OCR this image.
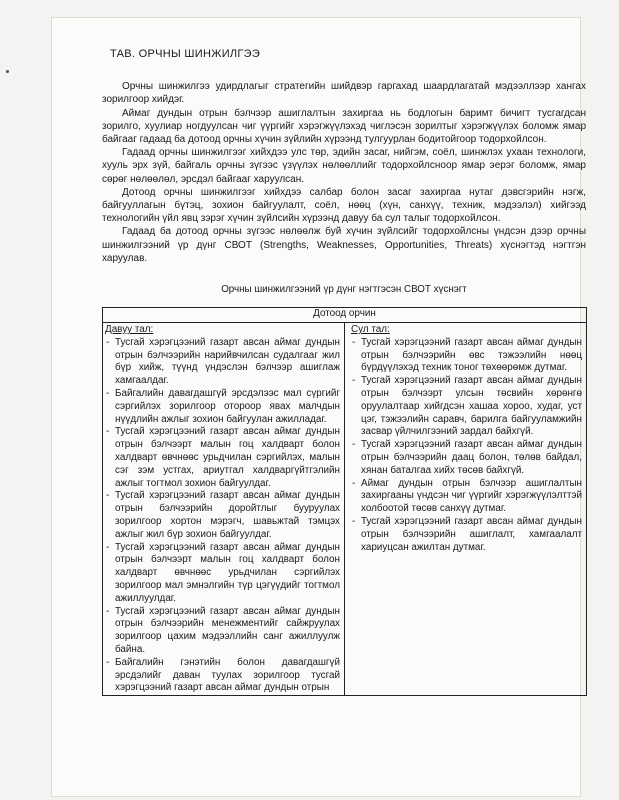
ТАВ. ОРЧНЫ ШИНЖИЛГЭЭ

Орчны шинжилгээ удирдлагыг стратегийн шийдвэр гаргахад шаардлагатай мэдээллээр хангах зорилгоор хийдэг.

Аймаг дундын отрын бэлчээр ашиглалтын захиргаа нь бодлогын баримт бичигт тусгагдсан зорилго, хуулиар ногдуулсан чиг үүргийг хэрэгжүүлэхэд чиглэсэн зорилтыг хэрэгжүүлэх боломж ямар байгааг гадаад ба дотоод орчны хүчин зүйлийн хүрээнд тулгуурлан бодитойгоор тодорхойлсон.

Гадаад орчны шинжилгээг хийхдээ улс төр, эдийн засаг, нийгэм, соёл, шинжлэх ухаан технологи, хууль эрх зүй, байгаль орчны зүгээс үзүүлэх нөлөөллийг тодорхойлсноор ямар эерэг боломж, ямар сөрөг нөлөөлөл, эрсдэл байгааг харуулсан.

Дотоод орчны шинжилгээг хийхдээ салбар болон засаг захиргаа нутаг дэвсгэрийн нэгж, байгууллагын бүтэц, зохион байгуулалт, соёл, нөөц (хүн, санхүү, техник, мэдээлэл) хийгээд технологийн үйл явц зэрэг хүчин зүйлсийн хүрээнд давуу ба сул талыг тодорхойлсон.

Гадаад ба дотоод орчны зүгээс нөлөөлж буй хүчин зүйлсийг тодорхойлсны үндсэн дээр орчны шинжилгээний үр дүнг СВОТ (Strengths, Weaknesses, Opportunities, Threats) хүснэгтэд нэгтгэн харуулав.

Орчны шинжилгээний үр дүнг нэгтгэсэн СВОТ хүснэгт
Дотоод орчин

Давуу тал:
- Тусгай хэрэгцээний газарт авсан аймаг дундын отрын бэлчээрийн нарийвчилсан судалгааг жил бүр хийж, түүнд үндэслэн бэлчээр ашиглаж хамгаалдаг.
- Байгалийн давагдашгүй эрсдэлээс мал сүргийг сэргийлэх зорилгоор отороор явах малчдын нүүдлийн ажлыг зохион байгуулан ажилладаг.
- Тусгай хэрэгцээний газарт авсан аймаг дундын отрын бэлчээрт малын гоц халдварт болон халдварт өвчнөөс урьдчилан сэргийлэх, малын сэг зэм устгах, ариутгал халдваргүйтгэлийн ажлыг тогтмол зохион байгуулдаг.
- Тусгай хэрэгцээний газарт авсан аймаг дундын отрын бэлчээрийн доройтлыг бууруулах зорилгоор хортон мэрэгч, шавьжтай тэмцэх ажлыг жил бүр зохион байгуулдаг.
- Тусгай хэрэгцээний газарт авсан аймаг дундын отрын бэлчээрт малын гоц халдварт болон халдварт өвчнөөс урьдчилан сэргийлэх зорилгоор мал эмнэлгийн түр цэгүүдийг тогтмол ажиллуулдаг.
- Тусгай хэрэгцээний газарт авсан аймаг дундын отрын бэлчээрийн менежментийг сайжруулах зорилгоор цахим мэдээллийн санг ажиллуулж байна.
- Байгалийн гэнэтийн болон давагдашгүй эрсдэлийг даван туулах зорилгоор тусгай хэрэгцээний газарт авсан аймаг дундын отрын

Сул тал:
- Тусгай хэрэгцээний газарт авсан аймаг дундын отрын бэлчээрийн өвс тэжээлийн нөөц бүрдүүлэхэд техник тоног төхөөрөмж дутмаг.
- Тусгай хэрэгцээний газарт авсан аймаг дундын отрын бэлчээрт улсын төсвийн хөрөнгө оруулалтаар хийгдсэн хашаа хороо, худаг, уст цэг, тэжээлийн саравч, барилга байгууламжийн засвар үйлчилгээний зардал байхгүй.
- Тусгай хэрэгцээний газарт авсан аймаг дундын отрын бэлчээрийн даац болон, төлөв байдал, хянан баталгаа хийх төсөв байхгүй.
- Аймаг дундын отрын бэлчээр ашиглалтын захиргааны үндсэн чиг үүргийг хэрэгжүүлэлттэй холбоотой төсөв санхүү дутмаг.
- Тусгай хэрэгцээний газарт авсан аймаг дундын отрын бэлчээрийн ашиглалт, хамгаалалт хариуцсан ажилтан дутмаг.
